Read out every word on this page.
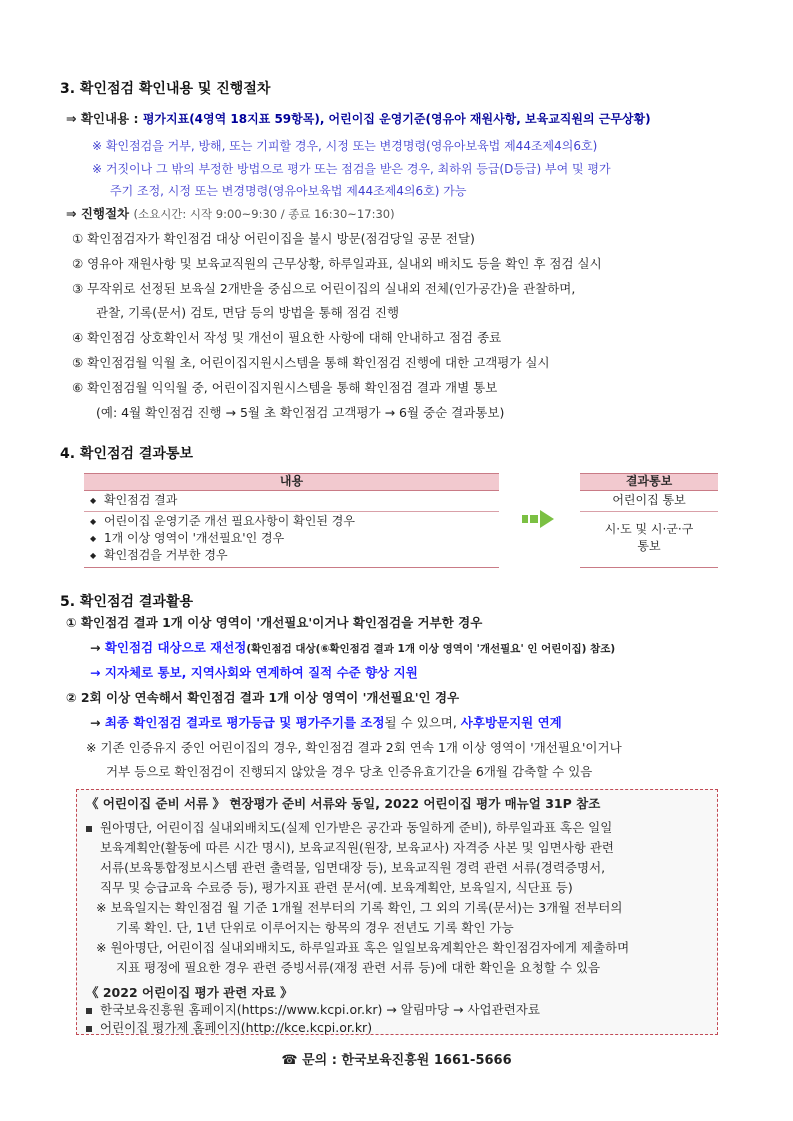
3. 확인점검 확인내용 및 진행절차
⇒ 확인내용 : 평가지표(4영역 18지표 59항목), 어린이집 운영기준(영유아 재원사항, 보육교직원의 근무상황)
※ 확인점검을 거부, 방해, 또는 기피할 경우, 시정 또는 변경명령(영유아보육법 제44조제4의6호)
※ 거짓이나 그 밖의 부정한 방법으로 평가 또는 점검을 받은 경우, 최하위 등급(D등급) 부여 및 평가
주기 조정, 시정 또는 변경명령(영유아보육법 제44조제4의6호) 가능
⇒ 진행절차 (소요시간: 시작 9:00~9:30 / 종료 16:30~17:30)
① 확인점검자가 확인점검 대상 어린이집을 불시 방문(점검당일 공문 전달)
② 영유아 재원사항 및 보육교직원의 근무상황, 하루일과표, 실내외 배치도 등을 확인 후 점검 실시
③ 무작위로 선정된 보육실 2개반을 중심으로 어린이집의 실내외 전체(인가공간)을 관찰하며,
관찰, 기록(문서) 검토, 면담 등의 방법을 통해 점검 진행
④ 확인점검 상호확인서 작성 및 개선이 필요한 사항에 대해 안내하고 점검 종료
⑤ 확인점검월 익월 초, 어린이집지원시스템을 통해 확인점검 진행에 대한 고객평가 실시
⑥ 확인점검월 익익월 중, 어린이집지원시스템을 통해 확인점검 결과 개별 통보
(예: 4월 확인점검 진행 → 5월 초 확인점검 고객평가 → 6월 중순 결과통보)
4. 확인점검 결과통보
내용	결과통보
◆ 확인점검 결과
◆ 어린이집 운영기준 개선 필요사항이 확인된 경우
◆ 1개 이상 영역이 '개선필요'인 경우
◆ 확인점검을 거부한 경우
어린이집 통보
시·도 및 시·군·구
통보
5. 확인점검 결과활용
① 확인점검 결과 1개 이상 영역이 '개선필요'이거나 확인점검을 거부한 경우
→ 확인점검 대상으로 재선정(확인점검 대상(⑥확인점검 결과 1개 이상 영역이 '개선필요' 인 어린이집) 참조)
→ 지자체로 통보, 지역사회와 연계하여 질적 수준 향상 지원
② 2회 이상 연속해서 확인점검 결과 1개 이상 영역이 '개선필요'인 경우
→ 최종 확인점검 결과로 평가등급 및 평가주기를 조정될 수 있으며, 사후방문지원 연계
※ 기존 인증유지 중인 어린이집의 경우, 확인점검 결과 2회 연속 1개 이상 영역이 '개선필요'이거나
거부 등으로 확인점검이 진행되지 않았을 경우 당초 인증유효기간을 6개월 감축할 수 있음
《 어린이집 준비 서류 》 현장평가 준비 서류와 동일, 2022 어린이집 평가 매뉴얼 31P 참조
원아명단, 어린이집 실내외배치도(실제 인가받은 공간과 동일하게 준비), 하루일과표 혹은 일일
보육계획안(활동에 따른 시간 명시), 보육교직원(원장, 보육교사) 자격증 사본 및 임면사항 관련
서류(보육통합정보시스템 관련 출력물, 임면대장 등), 보육교직원 경력 관련 서류(경력증명서,
직무 및 승급교육 수료증 등), 평가지표 관련 문서(예. 보육계획안, 보육일지, 식단표 등)
※ 보육일지는 확인점검 월 기준 1개월 전부터의 기록 확인, 그 외의 기록(문서)는 3개월 전부터의
기록 확인. 단, 1년 단위로 이루어지는 항목의 경우 전년도 기록 확인 가능
※ 원아명단, 어린이집 실내외배치도, 하루일과표 혹은 일일보육계획안은 확인점검자에게 제출하며
지표 평정에 필요한 경우 관련 증빙서류(재정 관련 서류 등)에 대한 확인을 요청할 수 있음
《 2022 어린이집 평가 관련 자료 》
한국보육진흥원 홈페이지(https://www.kcpi.or.kr) → 알림마당 → 사업관련자료
어린이집 평가제 홈페이지(http://kce.kcpi.or.kr)
☎ 문의 : 한국보육진흥원 1661-5666
